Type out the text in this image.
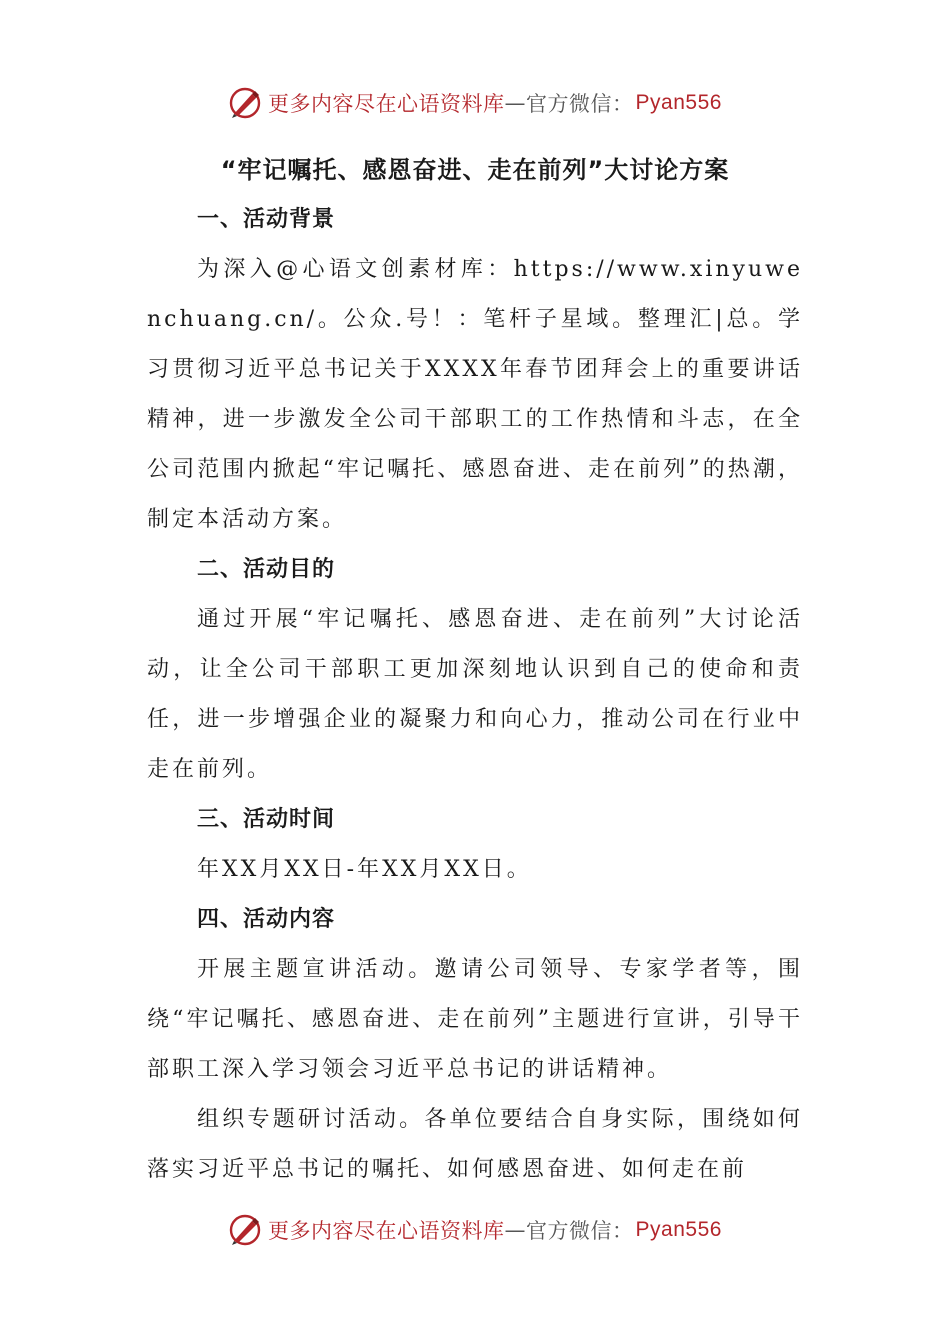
更多内容尽在心语资料库 — 官方微信： Pyan556
“牢记嘱托、感恩奋进、走在前列”大讨论方案

一、活动背景

为深入@心语文创素材库：https://www.xinyuwenchuang.cn/。公众.号！：笔杆子星域。整理汇|总。学习贯彻习近平总书记关于XXXX年春节团拜会上的重要讲话精神，进一步激发全公司干部职工的工作热情和斗志，在全公司范围内掀起“牢记嘱托、感恩奋进、走在前列”的热潮，制定本活动方案。

二、活动目的

通过开展“牢记嘱托、感恩奋进、走在前列”大讨论活动，让全公司干部职工更加深刻地认识到自己的使命和责任，进一步增强企业的凝聚力和向心力，推动公司在行业中走在前列。

三、活动时间

年XX月XX日-年XX月XX日。

四、活动内容

开展主题宣讲活动。邀请公司领导、专家学者等，围绕“牢记嘱托、感恩奋进、走在前列”主题进行宣讲，引导干部职工深入学习领会习近平总书记的讲话精神。

组织专题研讨活动。各单位要结合自身实际，围绕如何落实习近平总书记的嘱托、如何感恩奋进、如何走在前

更多内容尽在心语资料库 — 官方微信： Pyan556
